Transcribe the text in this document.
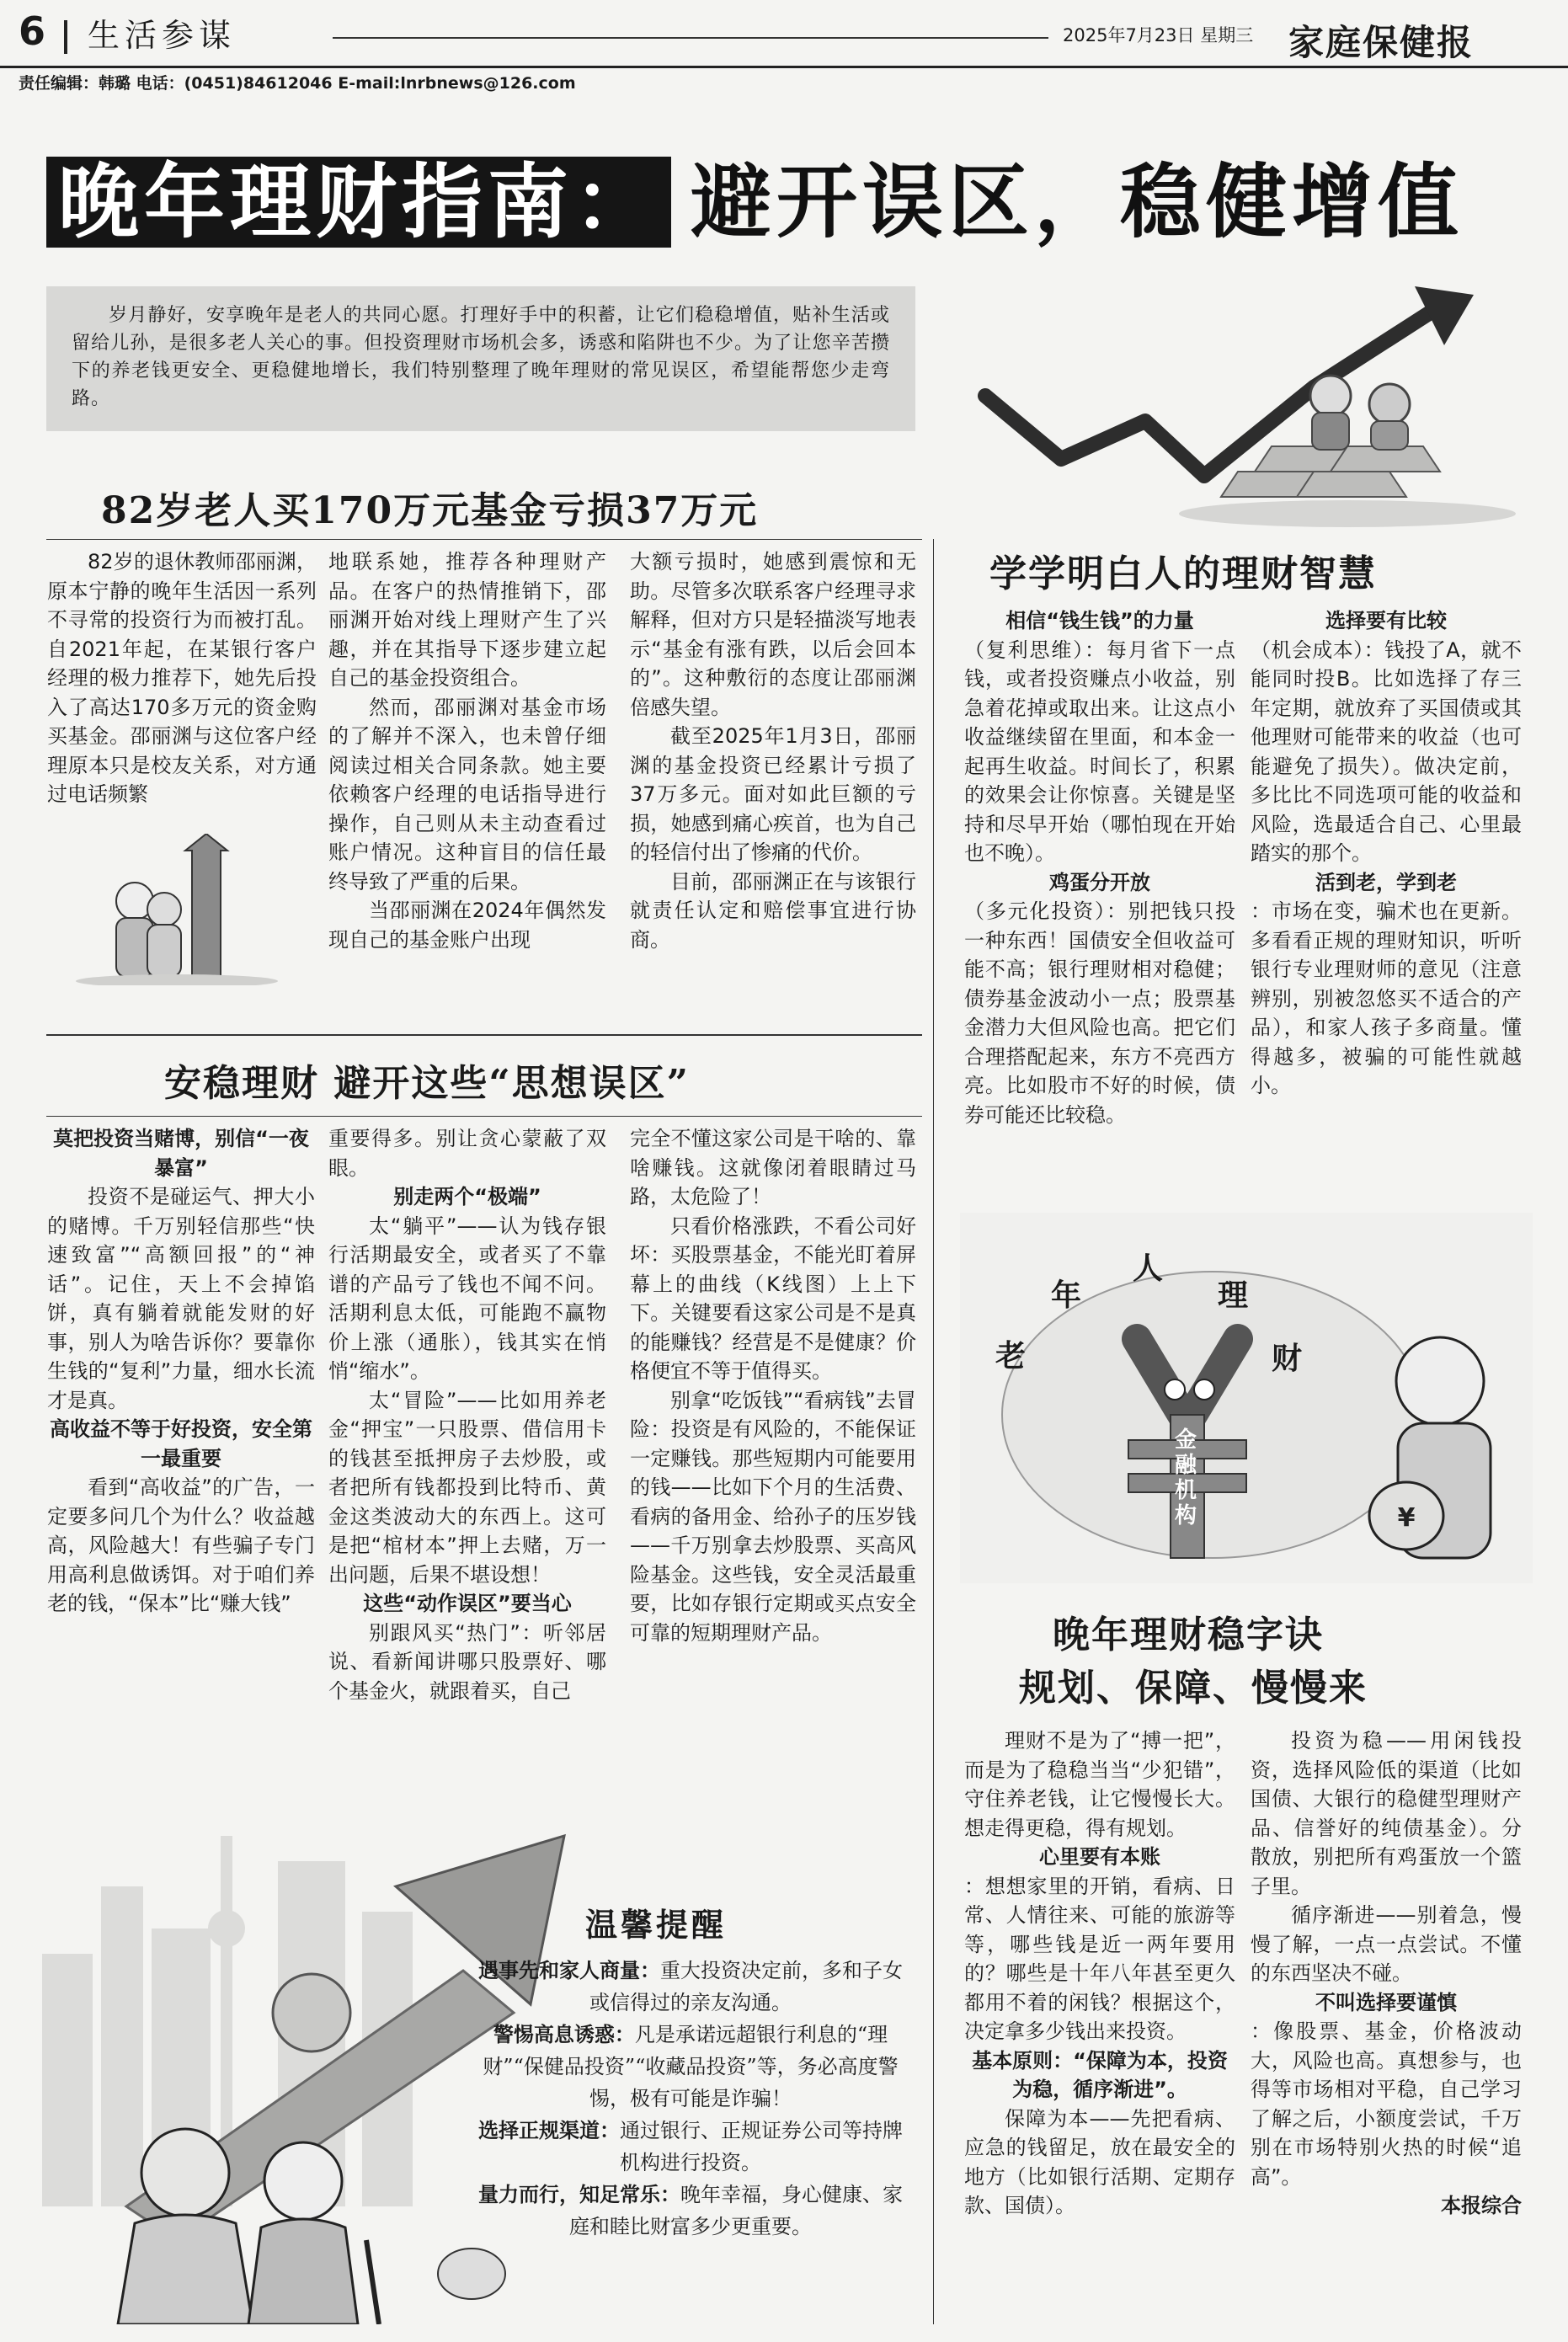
6 生活参谋	2025年7月23日 星期三 家庭保健报
责任编辑：韩璐 电话：(0451)84612046 E-mail:lnrbnews@126.com
晚年理财指南： 避开误区，稳健增值
岁月静好，安享晚年是老人的共同心愿。打理好手中的积蓄，让它们稳稳增值，贴补生活或留给儿孙，是很多老人关心的事。但投资理财市场机会多，诱惑和陷阱也不少。为了让您辛苦攒下的养老钱更安全、更稳健地增长，我们特别整理了晚年理财的常见误区，希望能帮您少走弯路。
82岁老人买170万元基金亏损37万元

82岁的退休教师邵丽渊，原本宁静的晚年生活因一系列不寻常的投资行为而被打乱。自2021年起，在某银行客户经理的极力推荐下，她先后投入了高达170多万元的资金购买基金。邵丽渊与这位客户经理原本只是校友关系，对方通过电话频繁

地联系她，推荐各种理财产品。在客户的热情推销下，邵丽渊开始对线上理财产生了兴趣，并在其指导下逐步建立起自己的基金投资组合。

然而，邵丽渊对基金市场的了解并不深入，也未曾仔细阅读过相关合同条款。她主要依赖客户经理的电话指导进行操作，自己则从未主动查看过账户情况。这种盲目的信任最终导致了严重的后果。

当邵丽渊在2024年偶然发现自己的基金账户出现

大额亏损时，她感到震惊和无助。尽管多次联系客户经理寻求解释，但对方只是轻描淡写地表示“基金有涨有跌，以后会回本的”。这种敷衍的态度让邵丽渊倍感失望。

截至2025年1月3日，邵丽渊的基金投资已经累计亏损了37万多元。面对如此巨额的亏损，她感到痛心疾首，也为自己的轻信付出了惨痛的代价。

目前，邵丽渊正在与该银行就责任认定和赔偿事宜进行协商。

安稳理财 避开这些“思想误区”
莫把投资当赌博，别信“一夜暴富”

投资不是碰运气、押大小的赌博。千万别轻信那些“快速致富”“高额回报”的“神话”。记住，天上不会掉馅饼，真有躺着就能发财的好事，别人为啥告诉你？要靠你生钱的“复利”力量，细水长流才是真。

高收益不等于好投资，安全第一最重要

看到“高收益”的广告，一定要多问几个为什么？收益越高，风险越大！有些骗子专门用高利息做诱饵。对于咱们养老的钱，“保本”比“赚大钱”

重要得多。别让贪心蒙蔽了双眼。

别走两个“极端”

太“躺平”——认为钱存银行活期最安全，或者买了不靠谱的产品亏了钱也不闻不问。活期利息太低，可能跑不赢物价上涨（通胀），钱其实在悄悄“缩水”。

太“冒险”——比如用养老金“押宝”一只股票、借信用卡的钱甚至抵押房子去炒股，或者把所有钱都投到比特币、黄金这类波动大的东西上。这可是把“棺材本”押上去赌，万一出问题，后果不堪设想！

这些“动作误区”要当心

别跟风买“热门”：听邻居说、看新闻讲哪只股票好、哪个基金火，就跟着买，自己

完全不懂这家公司是干啥的、靠啥赚钱。这就像闭着眼睛过马路，太危险了！

只看价格涨跌，不看公司好坏：买股票基金，不能光盯着屏幕上的曲线（K线图）上上下下。关键要看这家公司是不是真的能赚钱？经营是不是健康？价格便宜不等于值得买。

别拿“吃饭钱”“看病钱”去冒险：投资是有风险的，不能保证一定赚钱。那些短期内可能要用的钱——比如下个月的生活费、看病的备用金、给孙子的压岁钱——千万别拿去炒股票、买高风险基金。这些钱，安全灵活最重要，比如存银行定期或买点安全可靠的短期理财产品。

温馨提醒
遇事先和家人商量：重大投资决定前，多和子女或信得过的亲友沟通。
警惕高息诱惑：凡是承诺远超银行利息的“理财”“保健品投资”“收藏品投资”等，务必高度警惕，极有可能是诈骗！
选择正规渠道：通过银行、正规证券公司等持牌机构进行投资。
量力而行，知足常乐：晚年幸福，身心健康、家庭和睦比财富多少更重要。
学学明白人的理财智慧

相信“钱生钱”的力量
（复利思维）：每月省下一点钱，或者投资赚点小收益，别急着花掉或取出来。让这点小收益继续留在里面，和本金一起再生收益。时间长了，积累的效果会让你惊喜。关键是坚持和尽早开始（哪怕现在开始也不晚）。

鸡蛋分开放
（多元化投资）：别把钱只投一种东西！国债安全但收益可能不高；银行理财相对稳健；债券基金波动小一点；股票基金潜力大但风险也高。把它们合理搭配起来，东方不亮西方亮。比如股市不好的时候，债券可能还比较稳。

选择要有比较
（机会成本）：钱投了A，就不能同时投B。比如选择了存三年定期，就放弃了买国债或其他理财可能带来的收益（也可能避免了损失）。做决定前，多比比不同选项可能的收益和风险，选最适合自己、心里最踏实的那个。

活到老，学到老
：市场在变，骗术也在更新。多看看正规的理财知识，听听银行专业理财师的意见（注意辨别，别被忽悠买不适合的产品），和家人孩子多商量。懂得越多，被骗的可能性就越小。

¥
老
年
人
理
财
金融机构
晚年理财稳字诀
规划、保障、慢慢来

理财不是为了“搏一把”，而是为了稳稳当当“少犯错”，守住养老钱，让它慢慢长大。想走得更稳，得有规划。

心里要有本账
：想想家里的开销，看病、日常、人情往来、可能的旅游等等，哪些钱是近一两年要用的？哪些是十年八年甚至更久都用不着的闲钱？根据这个，决定拿多少钱出来投资。

基本原则：“保障为本，投资为稳，循序渐进”。

保障为本——先把看病、应急的钱留足，放在最安全的地方（比如银行活期、定期存款、国债）。

投资为稳——用闲钱投资，选择风险低的渠道（比如国债、大银行的稳健型理财产品、信誉好的纯债基金）。分散放，别把所有鸡蛋放一个篮子里。

循序渐进——别着急，慢慢了解，一点一点尝试。不懂的东西坚决不碰。

不叫选择要谨慎
：像股票、基金，价格波动大，风险也高。真想参与，也得等市场相对平稳，自己学习了解之后，小额度尝试，千万别在市场特别火热的时候“追高”。

本报综合
